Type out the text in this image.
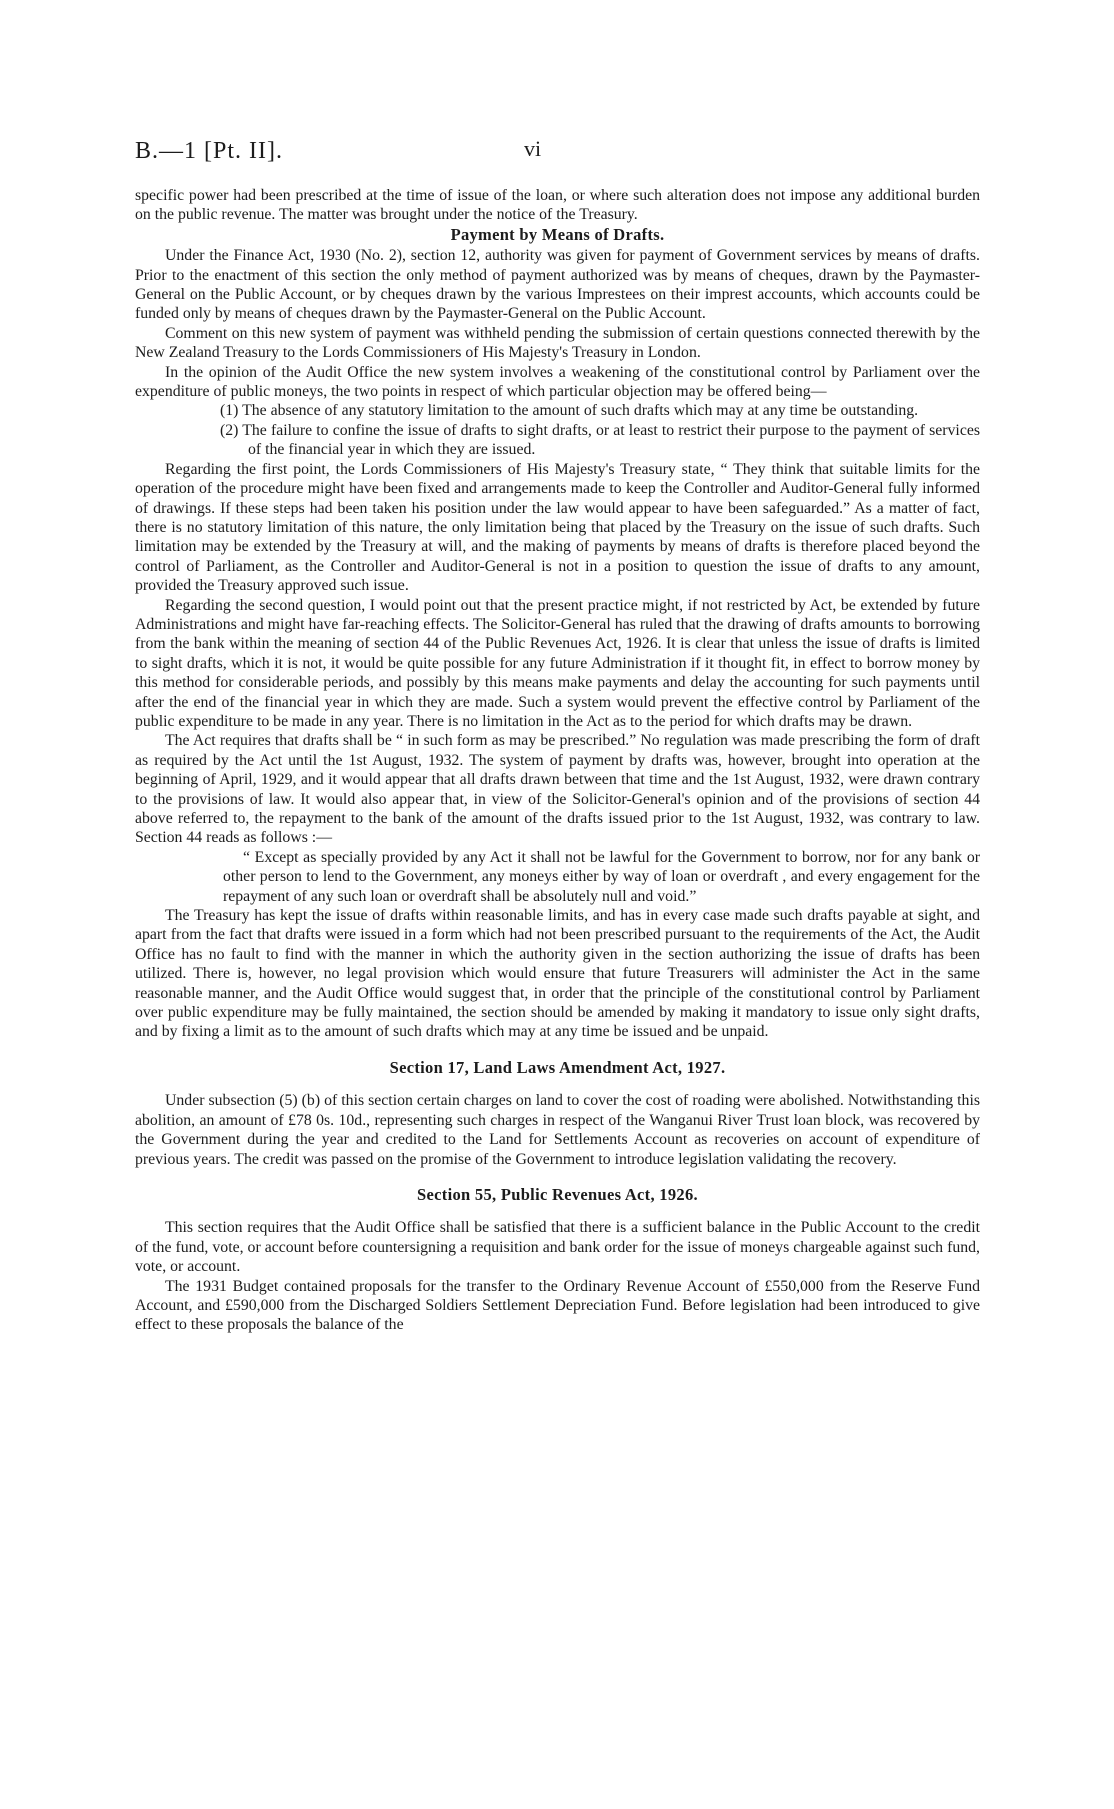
B.—1 [Pt. II].	vi

specific power had been prescribed at the time of issue of the loan, or where such alteration does not impose any additional burden on the public revenue. The matter was brought under the notice of the Treasury.

Payment by Means of Drafts.

Under the Finance Act, 1930 (No. 2), section 12, authority was given for payment of Government services by means of drafts. Prior to the enactment of this section the only method of payment authorized was by means of cheques, drawn by the Paymaster-General on the Public Account, or by cheques drawn by the various Imprestees on their imprest accounts, which accounts could be funded only by means of cheques drawn by the Paymaster-General on the Public Account.

Comment on this new system of payment was withheld pending the submission of certain questions connected therewith by the New Zealand Treasury to the Lords Commissioners of His Majesty's Treasury in London.

In the opinion of the Audit Office the new system involves a weakening of the constitutional control by Parliament over the expenditure of public moneys, the two points in respect of which particular objection may be offered being—

(1) The absence of any statutory limitation to the amount of such drafts which may at any time be outstanding.

(2) The failure to confine the issue of drafts to sight drafts, or at least to restrict their purpose to the payment of services of the financial year in which they are issued.

Regarding the first point, the Lords Commissioners of His Majesty's Treasury state, “ They think that suitable limits for the operation of the procedure might have been fixed and arrangements made to keep the Controller and Auditor-General fully informed of drawings. If these steps had been taken his position under the law would appear to have been safeguarded.” As a matter of fact, there is no statutory limitation of this nature, the only limitation being that placed by the Treasury on the issue of such drafts. Such limitation may be extended by the Treasury at will, and the making of payments by means of drafts is therefore placed beyond the control of Parliament, as the Controller and Auditor-General is not in a position to question the issue of drafts to any amount, provided the Treasury approved such issue.

Regarding the second question, I would point out that the present practice might, if not restricted by Act, be extended by future Administrations and might have far-reaching effects. The Solicitor-General has ruled that the drawing of drafts amounts to borrowing from the bank within the meaning of section 44 of the Public Revenues Act, 1926. It is clear that unless the issue of drafts is limited to sight drafts, which it is not, it would be quite possible for any future Administration if it thought fit, in effect to borrow money by this method for considerable periods, and possibly by this means make payments and delay the accounting for such payments until after the end of the financial year in which they are made. Such a system would prevent the effective control by Parliament of the public expenditure to be made in any year. There is no limitation in the Act as to the period for which drafts may be drawn.

The Act requires that drafts shall be “ in such form as may be prescribed.” No regulation was made prescribing the form of draft as required by the Act until the 1st August, 1932. The system of payment by drafts was, however, brought into operation at the beginning of April, 1929, and it would appear that all drafts drawn between that time and the 1st August, 1932, were drawn contrary to the provisions of law. It would also appear that, in view of the Solicitor-General's opinion and of the provisions of section 44 above referred to, the repayment to the bank of the amount of the drafts issued prior to the 1st August, 1932, was contrary to law. Section 44 reads as follows :—

“ Except as specially provided by any Act it shall not be lawful for the Government to borrow, nor for any bank or other person to lend to the Government, any moneys either by way of loan or overdraft , and every engagement for the repayment of any such loan or overdraft shall be absolutely null and void.”

The Treasury has kept the issue of drafts within reasonable limits, and has in every case made such drafts payable at sight, and apart from the fact that drafts were issued in a form which had not been prescribed pursuant to the requirements of the Act, the Audit Office has no fault to find with the manner in which the authority given in the section authorizing the issue of drafts has been utilized. There is, however, no legal provision which would ensure that future Treasurers will administer the Act in the same reasonable manner, and the Audit Office would suggest that, in order that the principle of the constitutional control by Parliament over public expenditure may be fully maintained, the section should be amended by making it mandatory to issue only sight drafts, and by fixing a limit as to the amount of such drafts which may at any time be issued and be unpaid.

Section 17, Land Laws Amendment Act, 1927.

Under subsection (5) (b) of this section certain charges on land to cover the cost of roading were abolished. Notwithstanding this abolition, an amount of £78 0s. 10d., representing such charges in respect of the Wanganui River Trust loan block, was recovered by the Government during the year and credited to the Land for Settlements Account as recoveries on account of expenditure of previous years. The credit was passed on the promise of the Government to introduce legislation validating the recovery.

Section 55, Public Revenues Act, 1926.

This section requires that the Audit Office shall be satisfied that there is a sufficient balance in the Public Account to the credit of the fund, vote, or account before countersigning a requisition and bank order for the issue of moneys chargeable against such fund, vote, or account.

The 1931 Budget contained proposals for the transfer to the Ordinary Revenue Account of £550,000 from the Reserve Fund Account, and £590,000 from the Discharged Soldiers Settlement Depreciation Fund. Before legislation had been introduced to give effect to these proposals the balance of the
